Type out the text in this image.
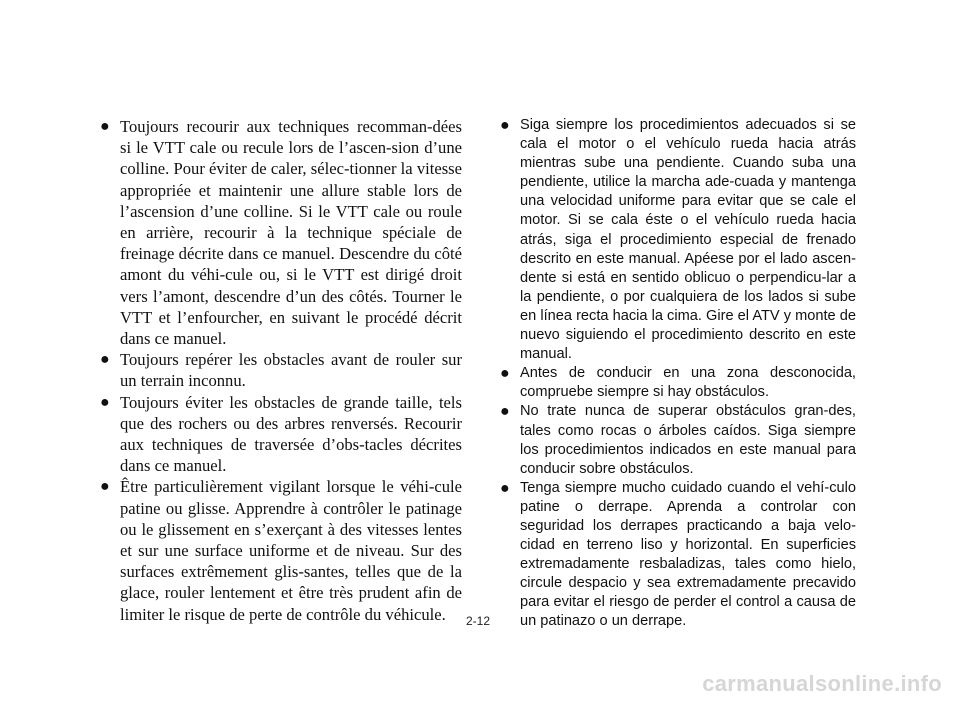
● Toujours recourir aux techniques recomman-dées si le VTT cale ou recule lors de l’ascen-sion d’une colline. Pour éviter de caler, sélec-tionner la vitesse appropriée et maintenir une allure stable lors de l’ascension d’une colline. Si le VTT cale ou roule en arrière, recourir à la technique spéciale de freinage décrite dans ce manuel. Descendre du côté amont du véhi-cule ou, si le VTT est dirigé droit vers l’amont, descendre d’un des côtés. Tourner le VTT et l’enfourcher, en suivant le procédé décrit dans ce manuel.
● Toujours repérer les obstacles avant de rouler sur un terrain inconnu.
● Toujours éviter les obstacles de grande taille, tels que des rochers ou des arbres renversés. Recourir aux techniques de traversée d’obs-tacles décrites dans ce manuel.
● Être particulièrement vigilant lorsque le véhi-cule patine ou glisse. Apprendre à contrôler le patinage ou le glissement en s’exerçant à des vitesses lentes et sur une surface uniforme et de niveau. Sur des surfaces extrêmement glis-santes, telles que de la glace, rouler lentement et être très prudent afin de limiter le risque de perte de contrôle du véhicule.
● Siga siempre los procedimientos adecuados si se cala el motor o el vehículo rueda hacia atrás mientras sube una pendiente. Cuando suba una pendiente, utilice la marcha ade-cuada y mantenga una velocidad uniforme para evitar que se cale el motor. Si se cala éste o el vehículo rueda hacia atrás, siga el procedimiento especial de frenado descrito en este manual. Apéese por el lado ascen-dente si está en sentido oblicuo o perpendicu-lar a la pendiente, o por cualquiera de los lados si sube en línea recta hacia la cima. Gire el ATV y monte de nuevo siguiendo el procedimiento descrito en este manual.
● Antes de conducir en una zona desconocida, compruebe siempre si hay obstáculos.
● No trate nunca de superar obstáculos gran-des, tales como rocas o árboles caídos. Siga siempre los procedimientos indicados en este manual para conducir sobre obstáculos.
● Tenga siempre mucho cuidado cuando el vehí-culo patine o derrape. Aprenda a controlar con seguridad los derrapes practicando a baja velo-cidad en terreno liso y horizontal. En superficies extremadamente resbaladizas, tales como hielo, circule despacio y sea extremadamente precavido para evitar el riesgo de perder el control a causa de un patinazo o un derrape.
2-12
carmanualsonline.info
